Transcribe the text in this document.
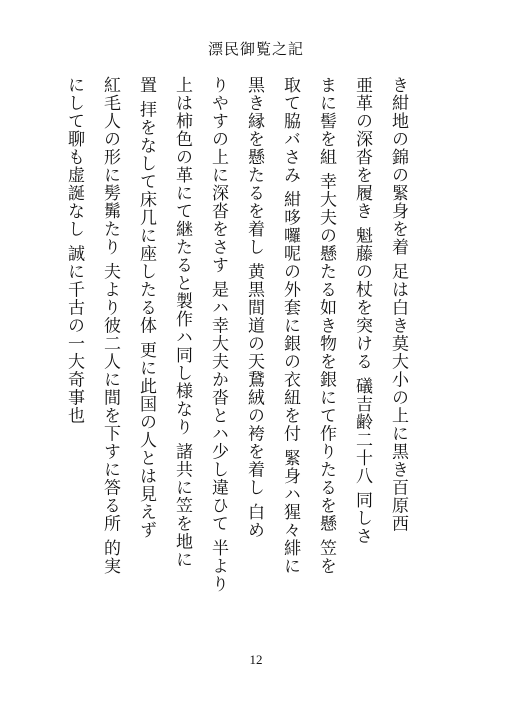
漂民御覧之記
き紺地の錦の緊身を着 足は白き莫大小の上に黒き百原西
亜革の深沓を履き 魁藤の杖を突ける 礒吉齢二十八 同しさ
まに髻を組 幸大夫の懸たる如き物を銀にて作りたるを懸 笠を
取て脇バさみ 紺哆囉呢の外套に銀の衣紐を付 緊身ハ猩々緋に
黒き縁を懸たるを着し 黄黒間道の天鵞絨の袴を着し 白め
りやすの上に深沓をさす 是ハ幸大夫か沓とハ少し違ひて 半より
上は柿色の革にて継たると製作ハ同し様なり 諸共に笠を地に
置 拝をなして床几に座したる体 更に此国の人とは見えず
紅毛人の形に髣髴たり 夫より彼二人に間を下すに答る所 的実
にして聊も虚誕なし 誠に千古の一大奇事也
12
